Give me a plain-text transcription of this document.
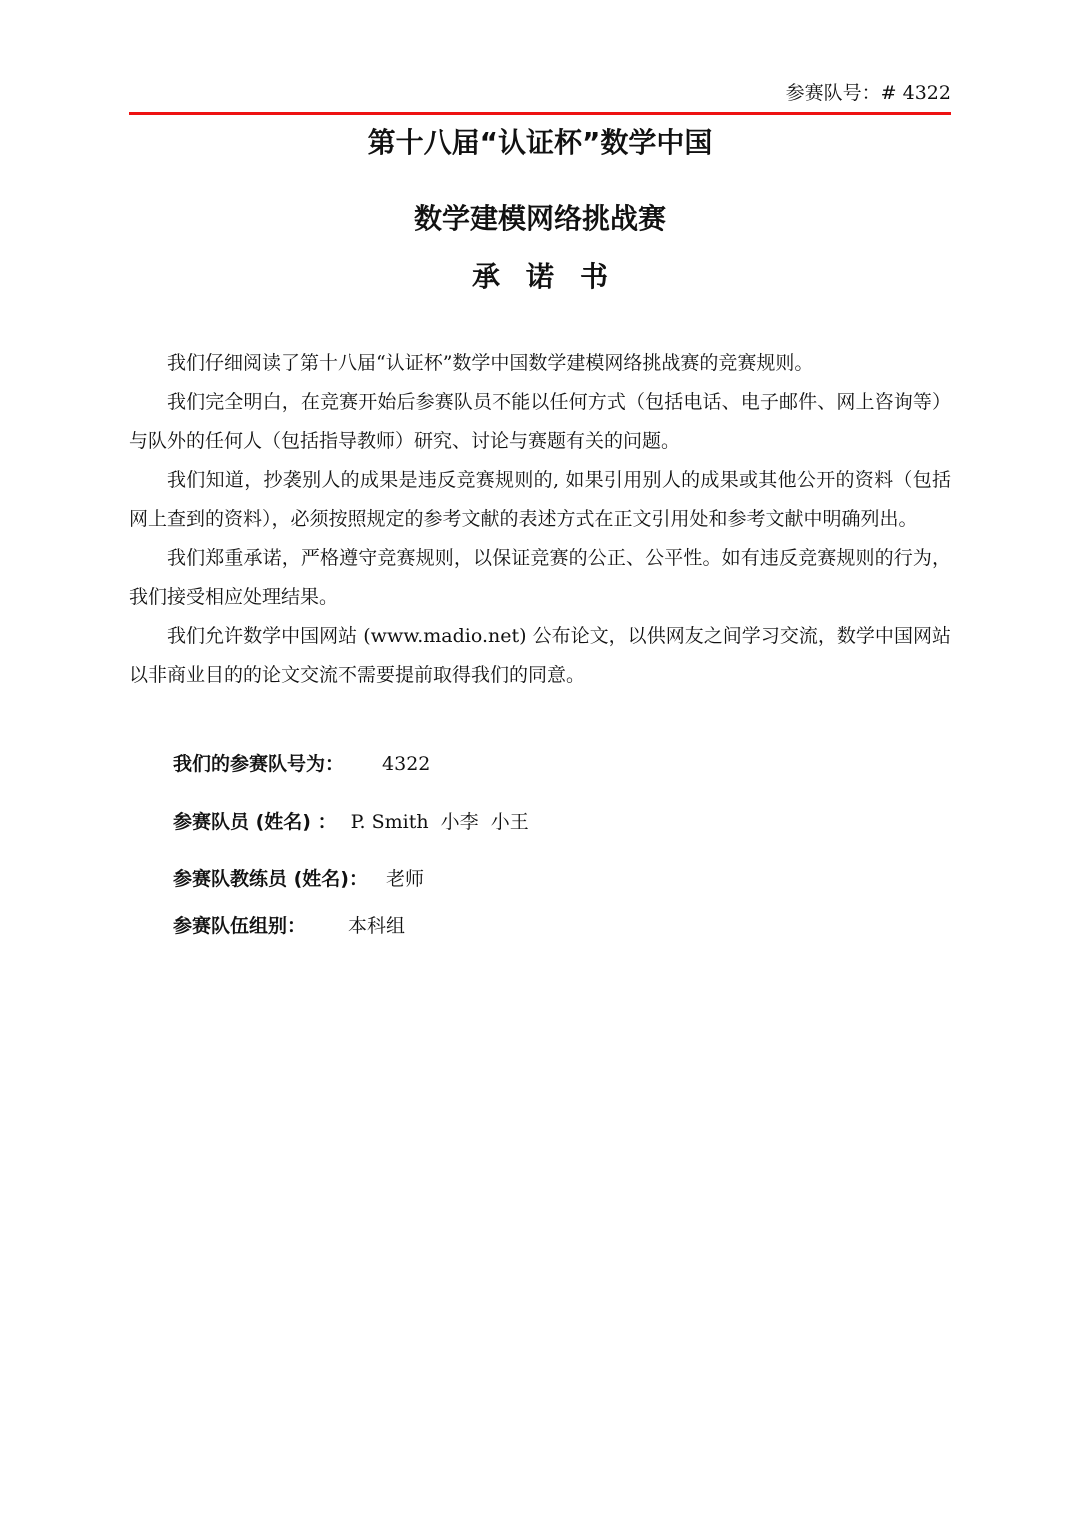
参赛队号：# 4322
第十八届“认证杯”数学中国
数学建模网络挑战赛
承诺书

我们仔细阅读了第十八届“认证杯”数学中国数学建模网络挑战赛的竞赛规则。

我们完全明白，在竞赛开始后参赛队员不能以任何方式（包括电话、电子邮件、网上咨询等）与队外的任何人（包括指导教师）研究、讨论与赛题有关的问题。

我们知道，抄袭别人的成果是违反竞赛规则的, 如果引用别人的成果或其他公开的资料（包括网上查到的资料），必须按照规定的参考文献的表述方式在正文引用处和参考文献中明确列出。

我们郑重承诺，严格遵守竞赛规则，以保证竞赛的公正、公平性。如有违反竞赛规则的行为，我们接受相应处理结果。

我们允许数学中国网站 (www.madio.net) 公布论文，以供网友之间学习交流，数学中国网站以非商业目的的论文交流不需要提前取得我们的同意。

我们的参赛队号为： 4322
参赛队员 (姓名) ： P. Smith  小李  小王
参赛队教练员 (姓名)： 老师
参赛队伍组别： 本科组
